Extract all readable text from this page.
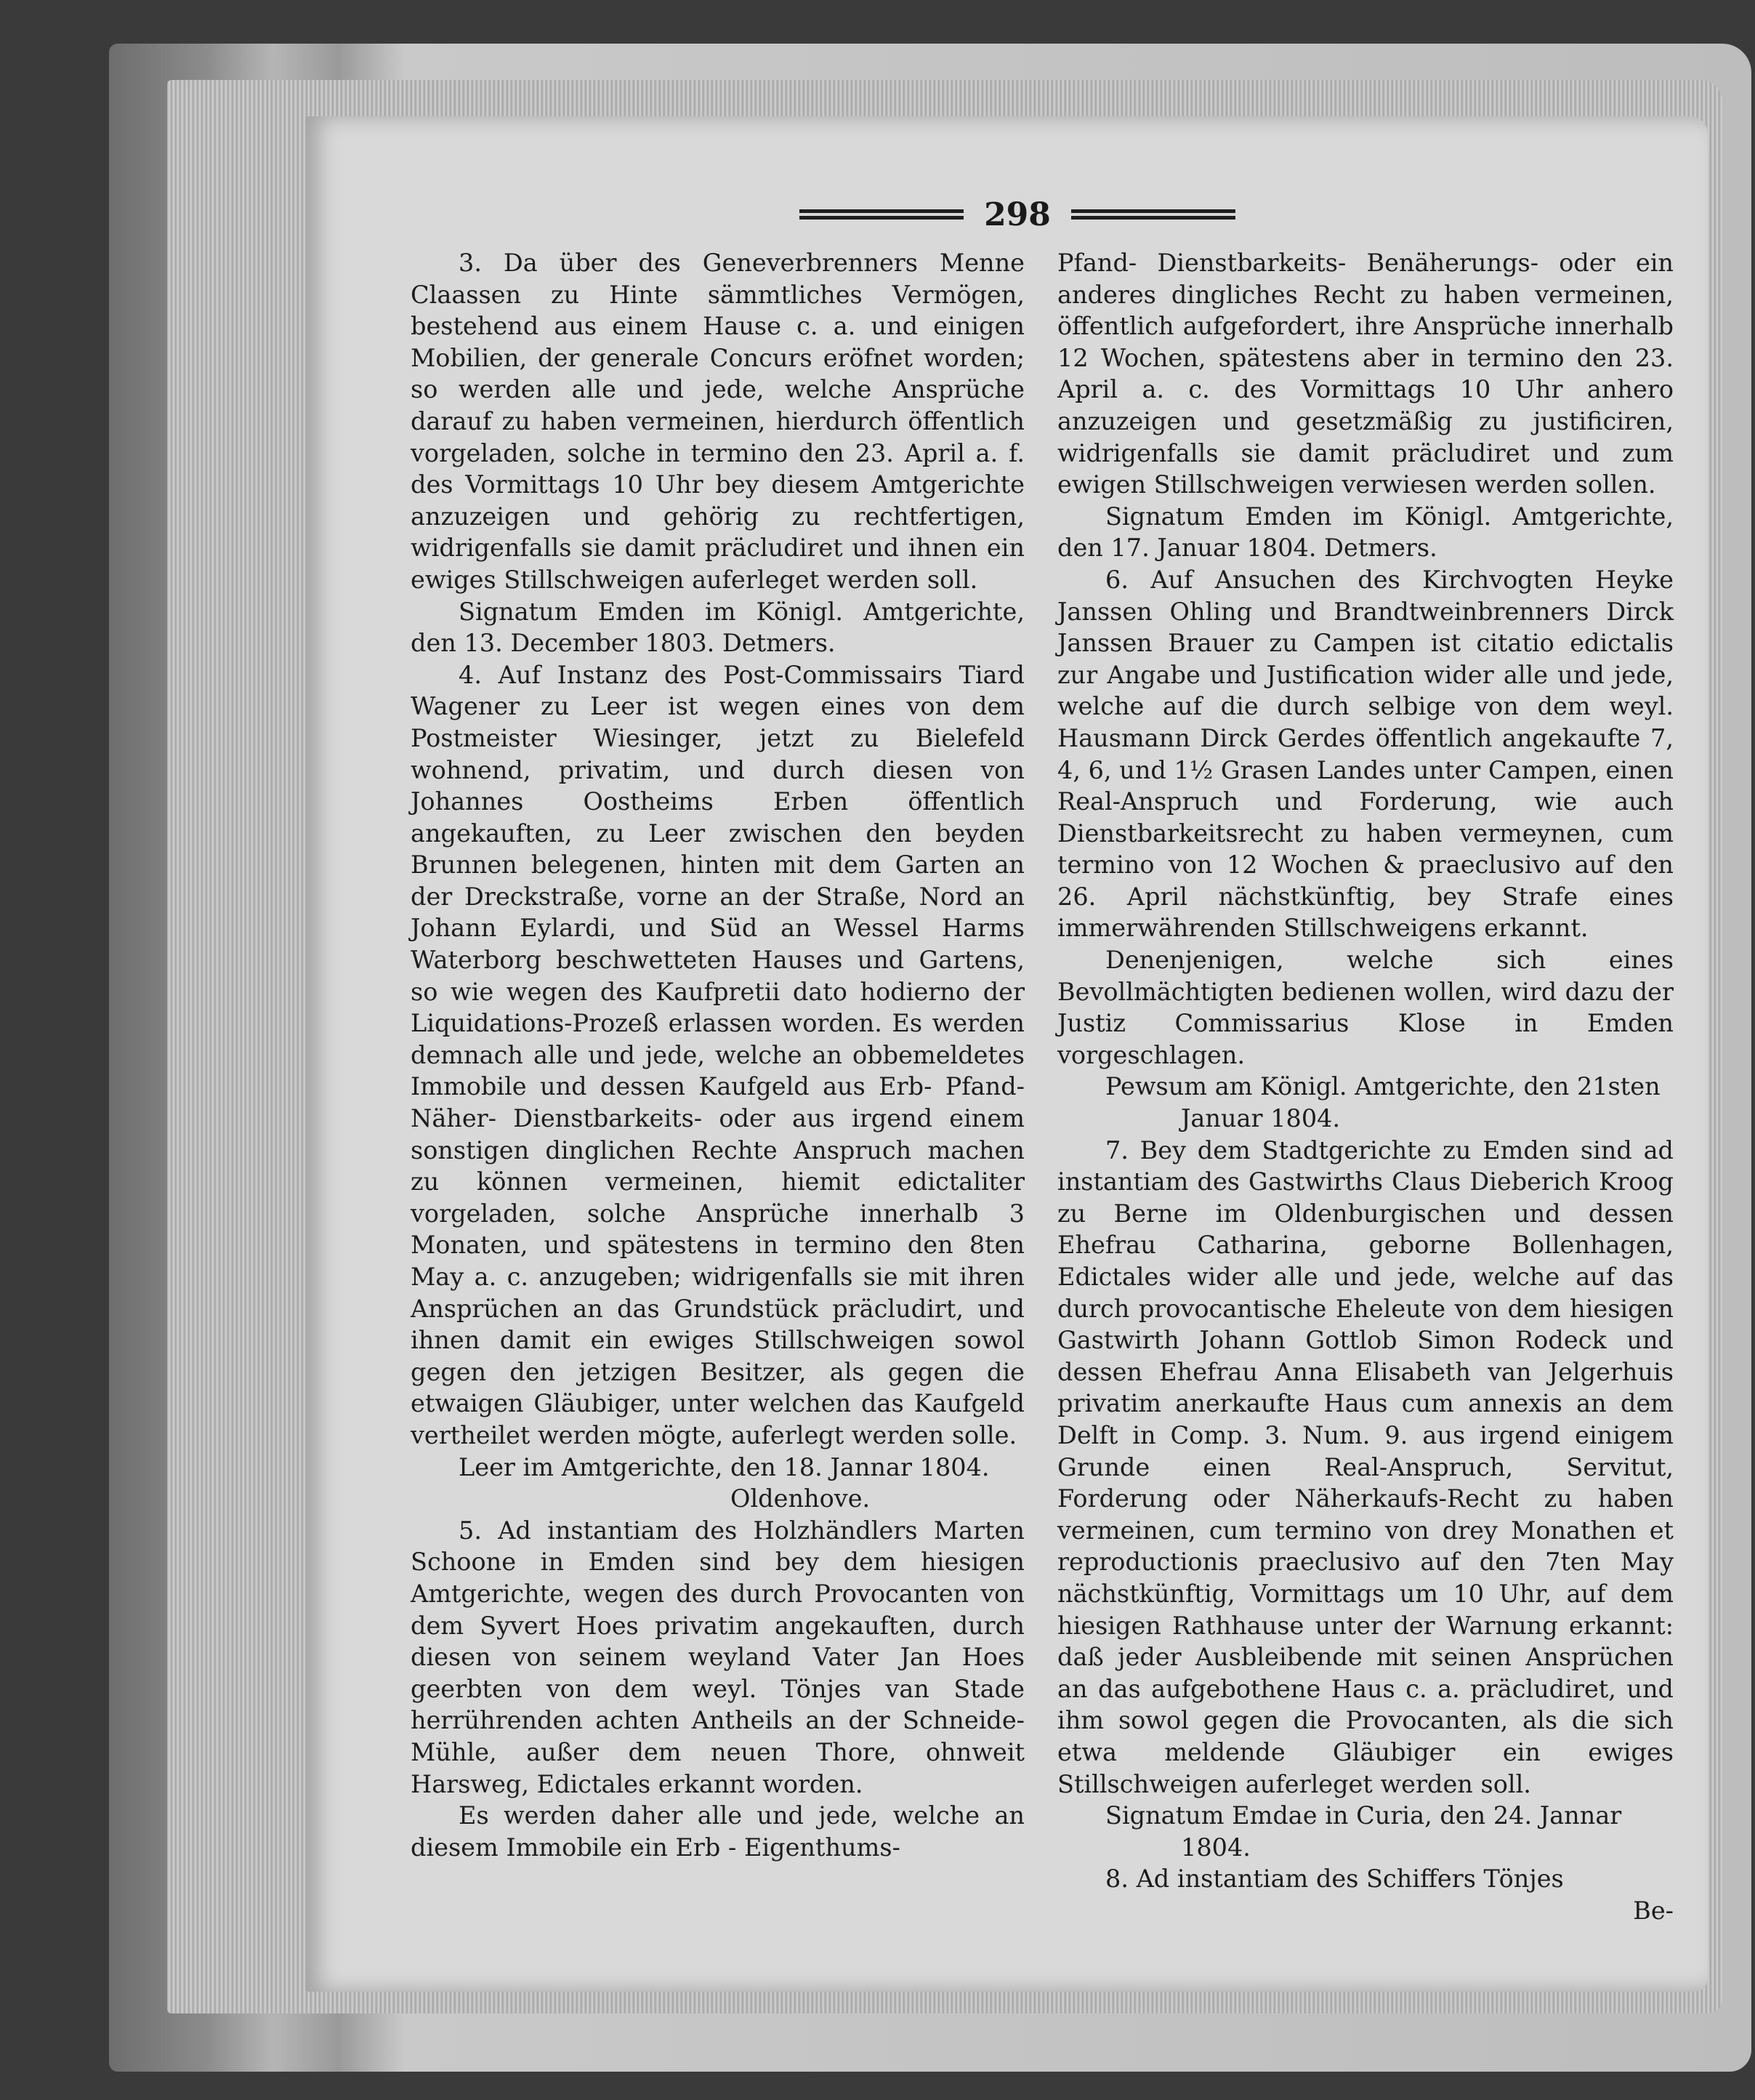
298

3. Da über des Geneverbrenners Menne Claassen zu Hinte sämmtliches Vermögen, bestehend aus einem Hause c. a. und einigen Mobilien, der generale Concurs eröfnet worden; so werden alle und jede, welche Ansprüche darauf zu haben vermeinen, hierdurch öffentlich vorgeladen, solche in termino den 23. April a. f. des Vormittags 10 Uhr bey diesem Amtgerichte anzuzeigen und gehörig zu rechtfertigen, widrigenfalls sie damit präcludiret und ihnen ein ewiges Stillschweigen auferleget werden soll.

Signatum Emden im Königl. Amtgerichte, den 13. December 1803. Detmers.

4. Auf Instanz des Post-Commissairs Tiard Wagener zu Leer ist wegen eines von dem Postmeister Wiesinger, jetzt zu Bielefeld wohnend, privatim, und durch diesen von Johannes Oostheims Erben öffentlich angekauften, zu Leer zwischen den beyden Brunnen belegenen, hinten mit dem Garten an der Dreckstraße, vorne an der Straße, Nord an Johann Eylardi, und Süd an Wessel Harms Waterborg beschwetteten Hauses und Gartens, so wie wegen des Kaufpretii dato hodierno der Liquidations-Prozeß erlassen worden. Es werden demnach alle und jede, welche an obbemeldetes Immobile und dessen Kaufgeld aus Erb- Pfand- Näher- Dienstbarkeits- oder aus irgend einem sonstigen dinglichen Rechte Anspruch machen zu können vermeinen, hiemit edictaliter vorgeladen, solche Ansprüche innerhalb 3 Monaten, und spätestens in termino den 8ten May a. c. anzugeben; widrigenfalls sie mit ihren Ansprüchen an das Grundstück präcludirt, und ihnen damit ein ewiges Stillschweigen sowol gegen den jetzigen Besitzer, als gegen die etwaigen Gläubiger, unter welchen das Kaufgeld vertheilet werden mögte, auferlegt werden solle.

Leer im Amtgerichte, den 18. Jannar 1804.

Oldenhove.

5. Ad instantiam des Holzhändlers Marten Schoone in Emden sind bey dem hiesigen Amtgerichte, wegen des durch Provocanten von dem Syvert Hoes privatim angekauften, durch diesen von seinem weyland Vater Jan Hoes geerbten von dem weyl. Tönjes van Stade herrührenden achten Antheils an der Schneide-Mühle, außer dem neuen Thore, ohnweit Harsweg, Edictales erkannt worden.

Es werden daher alle und jede, welche an diesem Immobile ein Erb - Eigenthums-

Pfand- Dienstbarkeits- Benäherungs- oder ein anderes dingliches Recht zu haben vermeinen, öffentlich aufgefordert, ihre Ansprüche innerhalb 12 Wochen, spätestens aber in termino den 23. April a. c. des Vormittags 10 Uhr anhero anzuzeigen und gesetzmäßig zu justificiren, widrigenfalls sie damit präcludiret und zum ewigen Stillschweigen verwiesen werden sollen.

Signatum Emden im Königl. Amtgerichte, den 17. Januar 1804. Detmers.

6. Auf Ansuchen des Kirchvogten Heyke Janssen Ohling und Brandtweinbrenners Dirck Janssen Brauer zu Campen ist citatio edictalis zur Angabe und Justification wider alle und jede, welche auf die durch selbige von dem weyl. Hausmann Dirck Gerdes öffentlich angekaufte 7, 4, 6, und 1½ Grasen Landes unter Campen, einen Real-Anspruch und Forderung, wie auch Dienstbarkeitsrecht zu haben vermeynen, cum termino von 12 Wochen & praeclusivo auf den 26. April nächstkünftig, bey Strafe eines immerwährenden Stillschweigens erkannt.

Denenjenigen, welche sich eines Bevollmächtigten bedienen wollen, wird dazu der Justiz Commissarius Klose in Emden vorgeschlagen.

Pewsum am Königl. Amtgerichte, den 21sten

Januar 1804.

7. Bey dem Stadtgerichte zu Emden sind ad instantiam des Gastwirths Claus Dieberich Kroog zu Berne im Oldenburgischen und dessen Ehefrau Catharina, geborne Bollenhagen, Edictales wider alle und jede, welche auf das durch provocantische Eheleute von dem hiesigen Gastwirth Johann Gottlob Simon Rodeck und dessen Ehefrau Anna Elisabeth van Jelgerhuis privatim anerkaufte Haus cum annexis an dem Delft in Comp. 3. Num. 9. aus irgend einigem Grunde einen Real-Anspruch, Servitut, Forderung oder Näherkaufs-Recht zu haben vermeinen, cum termino von drey Monathen et reproductionis praeclusivo auf den 7ten May nächstkünftig, Vormittags um 10 Uhr, auf dem hiesigen Rathhause unter der Warnung erkannt: daß jeder Ausbleibende mit seinen Ansprüchen an das aufgebothene Haus c. a. präcludiret, und ihm sowol gegen die Provocanten, als die sich etwa meldende Gläubiger ein ewiges Stillschweigen auferleget werden soll.

Signatum Emdae in Curia, den 24. Jannar

1804.

8. Ad instantiam des Schiffers Tönjes

Be-
